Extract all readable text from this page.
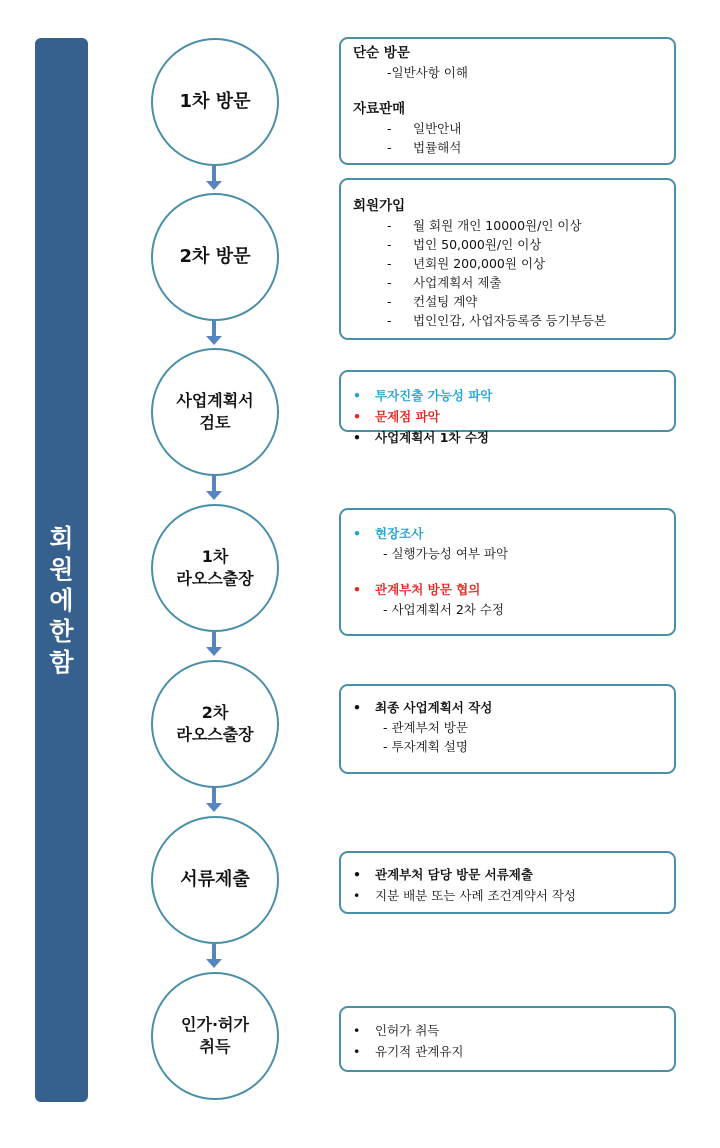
회
원
에
한
함
1차 방문
2차 방문
사업계획서
검토
1차
라오스출장
2차
라오스출장
서류제출
인가·허가
취득
단순 방문
-일반사항 이해
자료판매
- 일반안내
- 법률해석
회원가입
- 월 회원 개인 10000원/인 이상
- 법인 50,000원/인 이상
- 년회원 200,000원 이상
- 사업계획서 제출
- 컨설팅 계약
- 법인인감, 사업자등록증 등기부등본
• 투자진출 가능성 파악
• 문제점 파악
• 사업계획서 1차 수정
• 현장조사
- 실행가능성 여부 파악
• 관계부처 방문 협의
- 사업계획서 2차 수정
• 최종 사업계획서 작성
- 관계부처 방문
- 투자계획 설명
• 관계부처 담당 방문 서류제출
• 지분 배분 또는 사례 조건계약서 작성
• 인허가 취득
• 유기적 관계유지
